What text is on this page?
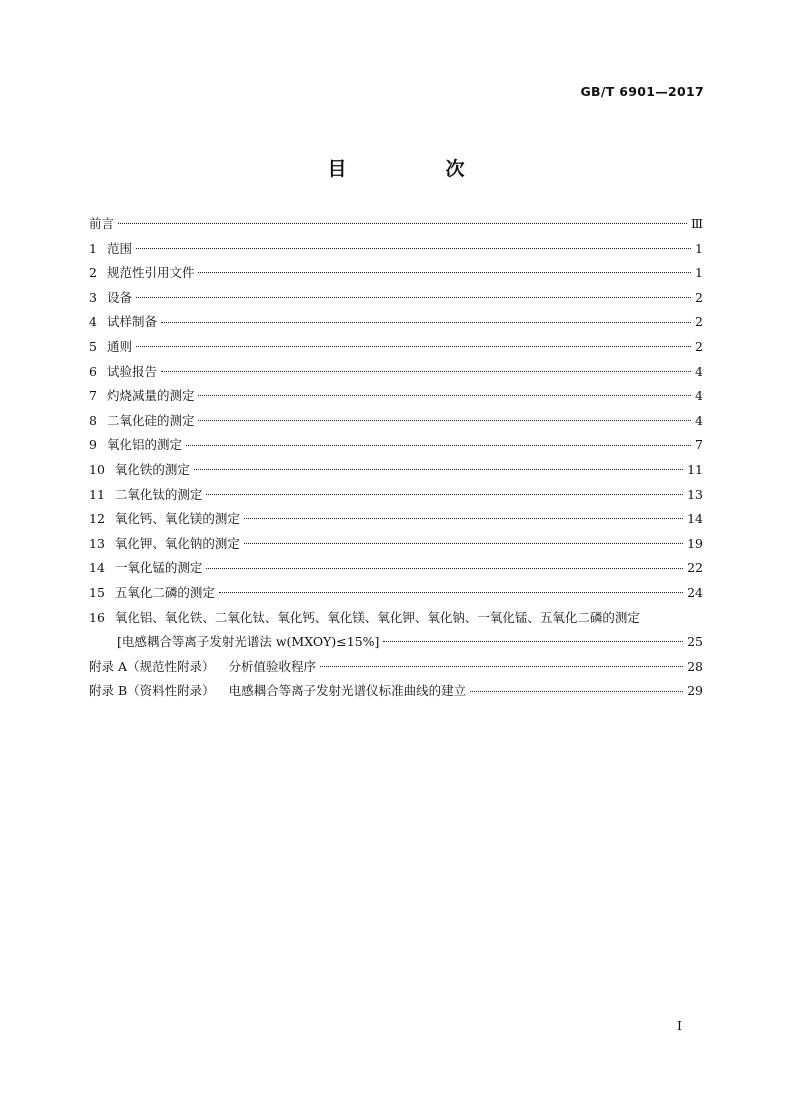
GB/T 6901—2017
目　次
前言	Ⅲ
1 范围	1
2 规范性引用文件	1
3 设备	2
4 试样制备	2
5 通则	2
6 试验报告	4
7 灼烧减量的测定	4
8 二氧化硅的测定	4
9 氧化铝的测定	7
10 氧化铁的测定	11
11 二氧化钛的测定	13
12 氧化钙、氧化镁的测定	14
13 氧化钾、氧化钠的测定	19
14 一氧化锰的测定	22
15 五氧化二磷的测定	24
16 氧化铝、氧化铁、二氧化钛、氧化钙、氧化镁、氧化钾、氧化钠、一氧化锰、五氧化二磷的测定
[电感耦合等离子发射光谱法 w(MXOY)≤15%]	25
附录 A（规范性附录）	分析值验收程序	28
附录 B（资料性附录）	电感耦合等离子发射光谱仪标准曲线的建立	29
I
